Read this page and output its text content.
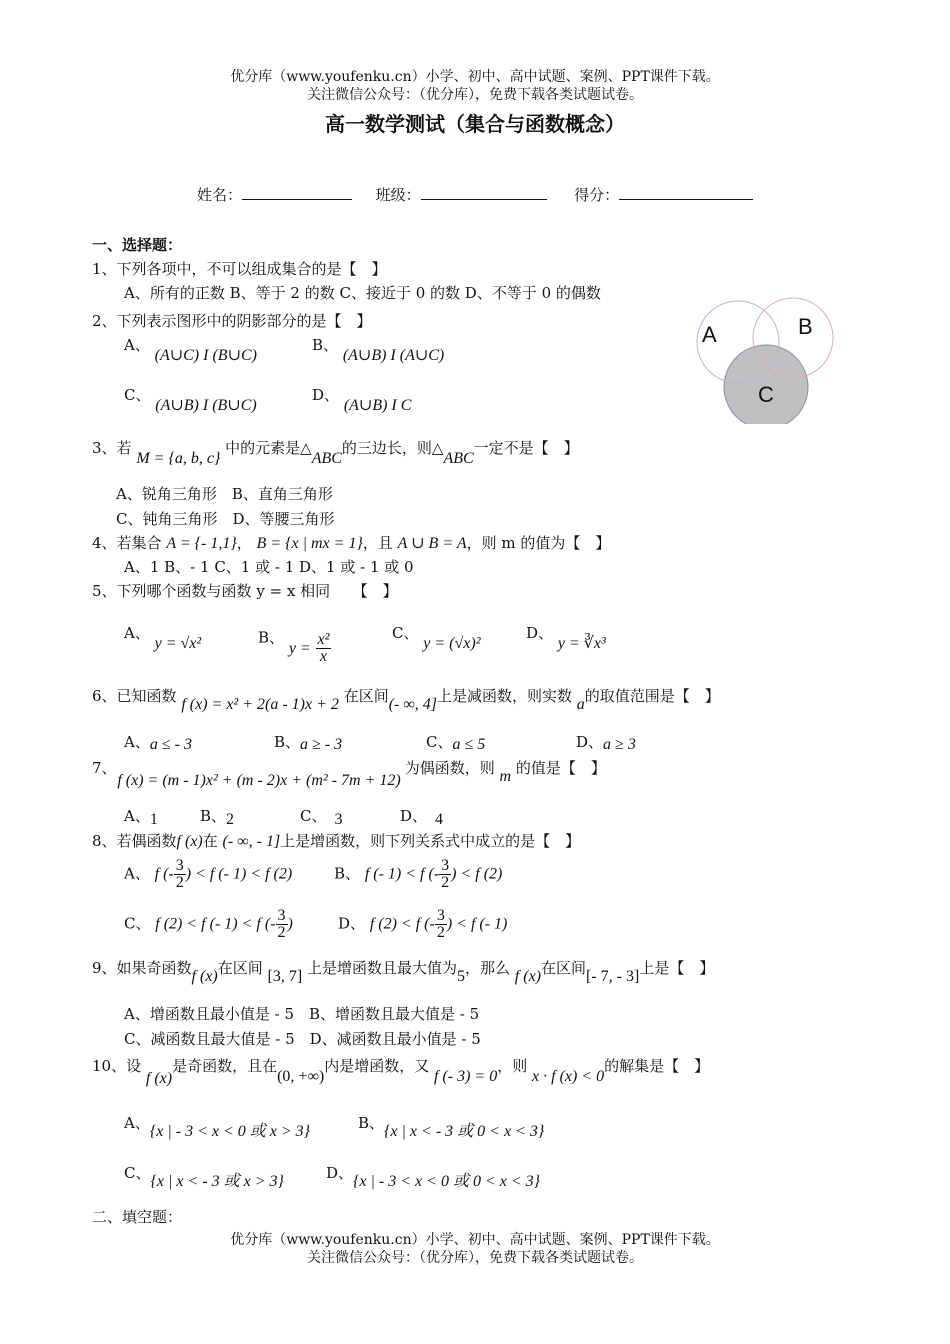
优分库（www.youfenku.cn）小学、初中、高中试题、案例、PPT课件下载。
关注微信公众号：（优分库），免费下载各类试题试卷。
高一数学测试（集合与函数概念）
姓名：	班级：	得分：
一、选择题：
1、下列各项中，不可以组成集合的是【　】
A、所有的正数 B、等于 2 的数 C、接近于 0 的数 D、不等于 0 的偶数
2、下列表示图形中的阴影部分的是【　】
A、 (A∪C) I (B∪C)
B、 (A∪B) I (A∪C)
C、 (A∪B) I (B∪C)
D、 (A∪B) I C
A	B
C
3、若 M = {a, b, c} 中的元素是△ABC的三边长，则△ABC一定不是【　】
A、锐角三角形　B、直角三角形
C、钝角三角形　D、等腰三角形
4、若集合 A = {- 1,1}， B = {x | mx = 1}，且 A ∪ B = A，则 m 的值为【　】
A、1 B、- 1 C、1 或 - 1 D、1 或 - 1 或 0
5、下列哪个函数与函数 y = x 相同　　【　】
A、 y = √x²	B、 $y = \frac{\text{x²}}{x}$	C、 y = (√x)²
D、 y = ∛x³
6、已知函数 f (x) = x² + 2(a - 1)x + 2 在区间(- ∞, 4]上是减函数，则实数 a的取值范围是【　】
A、a ≤ - 3	B、a ≥ - 3	C、a ≤ 5	D、a ≥ 3
7、 f (x) = (m - 1)x² + (m - 2)x + (m² - 7m + 12)为偶函数，则 m 的值是【　】
A、1	B、2	C、 3	D、 4
8、若偶函数f (x)在 (- ∞, - 1]上是增函数，则下列关系式中成立的是【　】
A、 f (- $\frac{3}{2}$ ) < f (- 1) < f (2)	B、 f (- 1) < f (- $\frac{3}{2}$ ) < f (2)
C、 f (2) < f (- 1) < f (- $\frac{3}{2}$ )	D、 f (2) < f (- $\frac{3}{2}$ ) < f (- 1)
9、如果奇函数f (x)在区间 [3, 7] 上是增函数且最大值为5，那么 f (x)在区间[- 7, - 3]上是【　】
A、增函数且最小值是 - 5　B、增函数且最大值是 - 5
C、减函数且最大值是 - 5　D、减函数且最小值是 - 5
10、设 f (x)是奇函数，且在(0, +∞)内是增函数，又 f (- 3) = 0，则 x · f (x) < 0的解集是【　】
A、{x | - 3 < x < 0 或 x > 3}	B、{x | x < - 3 或 0 < x < 3}
C、{x | x < - 3 或 x > 3}	D、{x | - 3 < x < 0 或 0 < x < 3}
二、填空题：
优分库（www.youfenku.cn）小学、初中、高中试题、案例、PPT课件下载。
关注微信公众号：（优分库），免费下载各类试题试卷。
